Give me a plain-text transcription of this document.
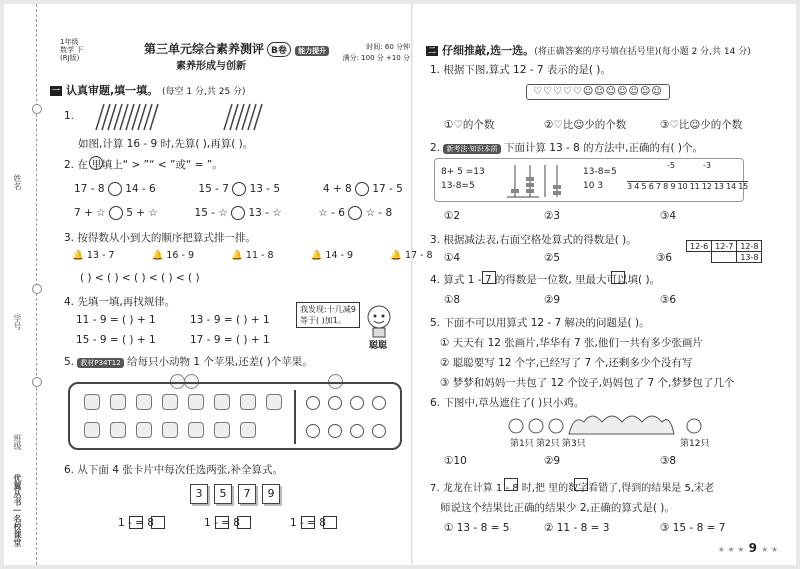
姓名
学号
班级
优翼丛书 | 名校课堂
1年级
数学 下
(RJ版)
第三单元综合素养测评 B卷 能力提升
素养形成与创新
时间: 60 分钟
满分: 100 分 +10 分
一 认真审题,填一填。 (每空 1 分,共 25 分)
1.
如图,计算 16 - 9 时,先算( ),再算( )。
2. 在 里填上“ > ”“ < ”或“ = ”。
17 - 8 14 - 6	15 - 7 13 - 5	4 + 8 17 - 5
7 + ☆ 5 + ☆	15 - ☆ 13 - ☆	☆ - 6 ☆ - 8
3. 按得数从小到大的顺序把算式排一排。
🔔 13 - 7	🔔 16 - 9	🔔 11 - 8	🔔 14 - 9	🔔 17 - 8
( ) < ( ) < ( ) < ( ) < ( )
4. 先填一填,再找规律。
11 - 9 = ( ) + 1	13 - 9 = ( ) + 1
15 - 9 = ( ) + 1	17 - 9 = ( ) + 1
我发现:十几减9
等于( )加1。
聪聪
5. 教材P34T12 给每只小动物 1 个苹果,还差( )个苹果。
6. 从下面 4 张卡片中每次任选两张,补全算式。
3 5 7 9
1 - = 8	1 - = 8	1 - = 8
二 仔细推敲,选一选。(将正确答案的序号填在括号里)(每小题 2 分,共 14 分)
1. 根据下图,算式 12 - 7 表示的是( )。
♡♡♡♡♡☺☺☺☺☺☺☺
①♡的个数	②♡比☺少的个数	③♡比☺少的个数
2. 新考法·知识本质 下面计算 13 - 8 的方法中,正确的有( )个。
8+ 5 =13
13-8=5
13-8=5
10 3
-5	-3
3 4 5 6 7 8 9 10 11 12 13 14 15
①2	②3	③4
3. 根据减法表,右面空格处算式的得数是( )。	12-6	12-7	12-8
		13-8
①4	②5	③6
4. 算式 1 - 7 的得数是一位数, 里最大可以填( )。
①8	②9	③6
5. 下面不可以用算式 12 - 7 解决的问题是( )。
① 天天有 12 张画片,华华有 7 张,他们一共有多少张画片
② 聪聪要写 12 个字,已经写了 7 个,还剩多少个没有写
③ 梦梦和妈妈一共包了 12 个饺子,妈妈包了 7 个,梦梦包了几个
6. 下图中,草丛遮住了( )只小鸡。
第1只 第2只 第3只	第12只
①10	②9	③8
7. 龙龙在计算 1 - 8 时,把 里的数字看错了,得到的结果是 5,宋老
师说这个结果比正确的结果少 2,正确的算式是( )。
① 13 - 8 = 5	② 11 - 8 = 3	③ 15 - 8 = 7
★ ★ ★ 9 ★ ★
